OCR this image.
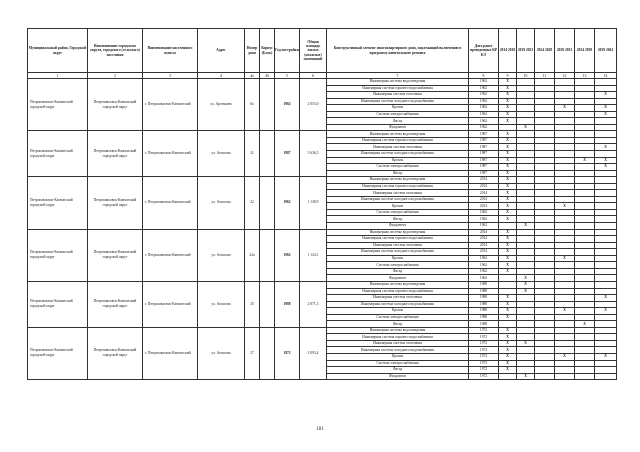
Муниципальный район, Городской округ	Наименование городского округа, городского (сельского) поселения	Наименование населенного пункта	Адрес	Номер дома	Корпус (Блок)	Год постройки	Общая площадь жилых (нежилых) помещений	Конструктивный элемент многоквартирного дома, подлежащий включению в программу капитального ремонта	Дата ранее проведенных КР КЭ	2014 2018	2019 2023	2024 2028	2029 2033	2034 2038	2039 2043
1	2	3	4	4а	4б	5	6	7	8	9	10	11	12	13	14
Петропавловск-Камчатский городской округ	Петропавловск-Камчатский городской округ	г. Петропавловск-Камчатский	ул. Арсеньева	8а		1962	2 053,0	Инженерная система водоотведения	1962	X					
								Инженерная система горячего водоснабжения	1962	X					
								Инженерная система отопления	1962	X					X
								Инженерная система холодного водоснабжения	1962	X					
								Кровля	1962	X			X		X
								Система электроснабжения	1962	X					X
								Фасад	1962	X					
								Фундамент	1962		X				
Петропавловск-Камчатский городской округ	Петропавловск-Камчатский городской округ	г. Петропавловск-Камчатский	ул. Атласова	21		1987	3 636,5	Инженерная система водоотведения	1987	X					
								Инженерная система горячего водоснабжения	1987	X					
								Инженерная система отопления	1987	X					X
								Инженерная система холодного водоснабжения	1987	X					
								Кровля	1987	X				X	X
								Система электроснабжения	1987	X					X
								Фасад	1987	X					
Петропавловск-Камчатский городской округ	Петропавловск-Камчатский городской округ	г. Петропавловск-Камчатский	ул. Атласова	22		1962	1 138,9	Инженерная система водоотведения	2014	X					
								Инженерная система горячего водоснабжения	2014	X					
								Инженерная система отопления	2014	X					
								Инженерная система холодного водоснабжения	2014	X					
								Кровля	2014	X			X		
								Система электроснабжения	1962	X					
								Фасад	1962	X					
								Фундамент	1962		X				
Петропавловск-Камчатский городской округ	Петропавловск-Камчатский городской округ	г. Петропавловск-Камчатский	ул. Атласова	22а		1962	1 124,1	Инженерная система водоотведения	2014	X					
								Инженерная система горячего водоснабжения	2014	X					
								Инженерная система отопления	2014	X					
								Инженерная система холодного водоснабжения	2014	X					
								Кровля	1962	X			X		
								Система электроснабжения	1962	X					
								Фасад	1962	X					
								Фундамент	1962		X				
Петропавловск-Камчатский городской округ	Петропавловск-Камчатский городской округ	г. Петропавловск-Камчатский	ул. Атласова	25		1988	2 871,3	Инженерная система водоотведения	1988		X				
								Инженерная система горячего водоснабжения	1988		X				
								Инженерная система отопления	1988	X					X
								Инженерная система холодного водоснабжения	1988	X					
								Кровля	1988	X			X		X
								Система электроснабжения	1988	X					
								Фасад	1988					X	
Петропавловск-Камчатский городской округ	Петропавловск-Камчатский городской округ	г. Петропавловск-Камчатский	ул. Атласова	27		1972	2 093,4	Инженерная система водоотведения	1972	X					
								Инженерная система горячего водоснабжения	1972	X					
								Инженерная система отопления	1972	X	X				
								Инженерная система холодного водоснабжения	1972	X					
								Кровля	1972	X			X		X
								Система электроснабжения	1972	X					
								Фасад	1972	X					
								Фундамент	1972		X				
181
